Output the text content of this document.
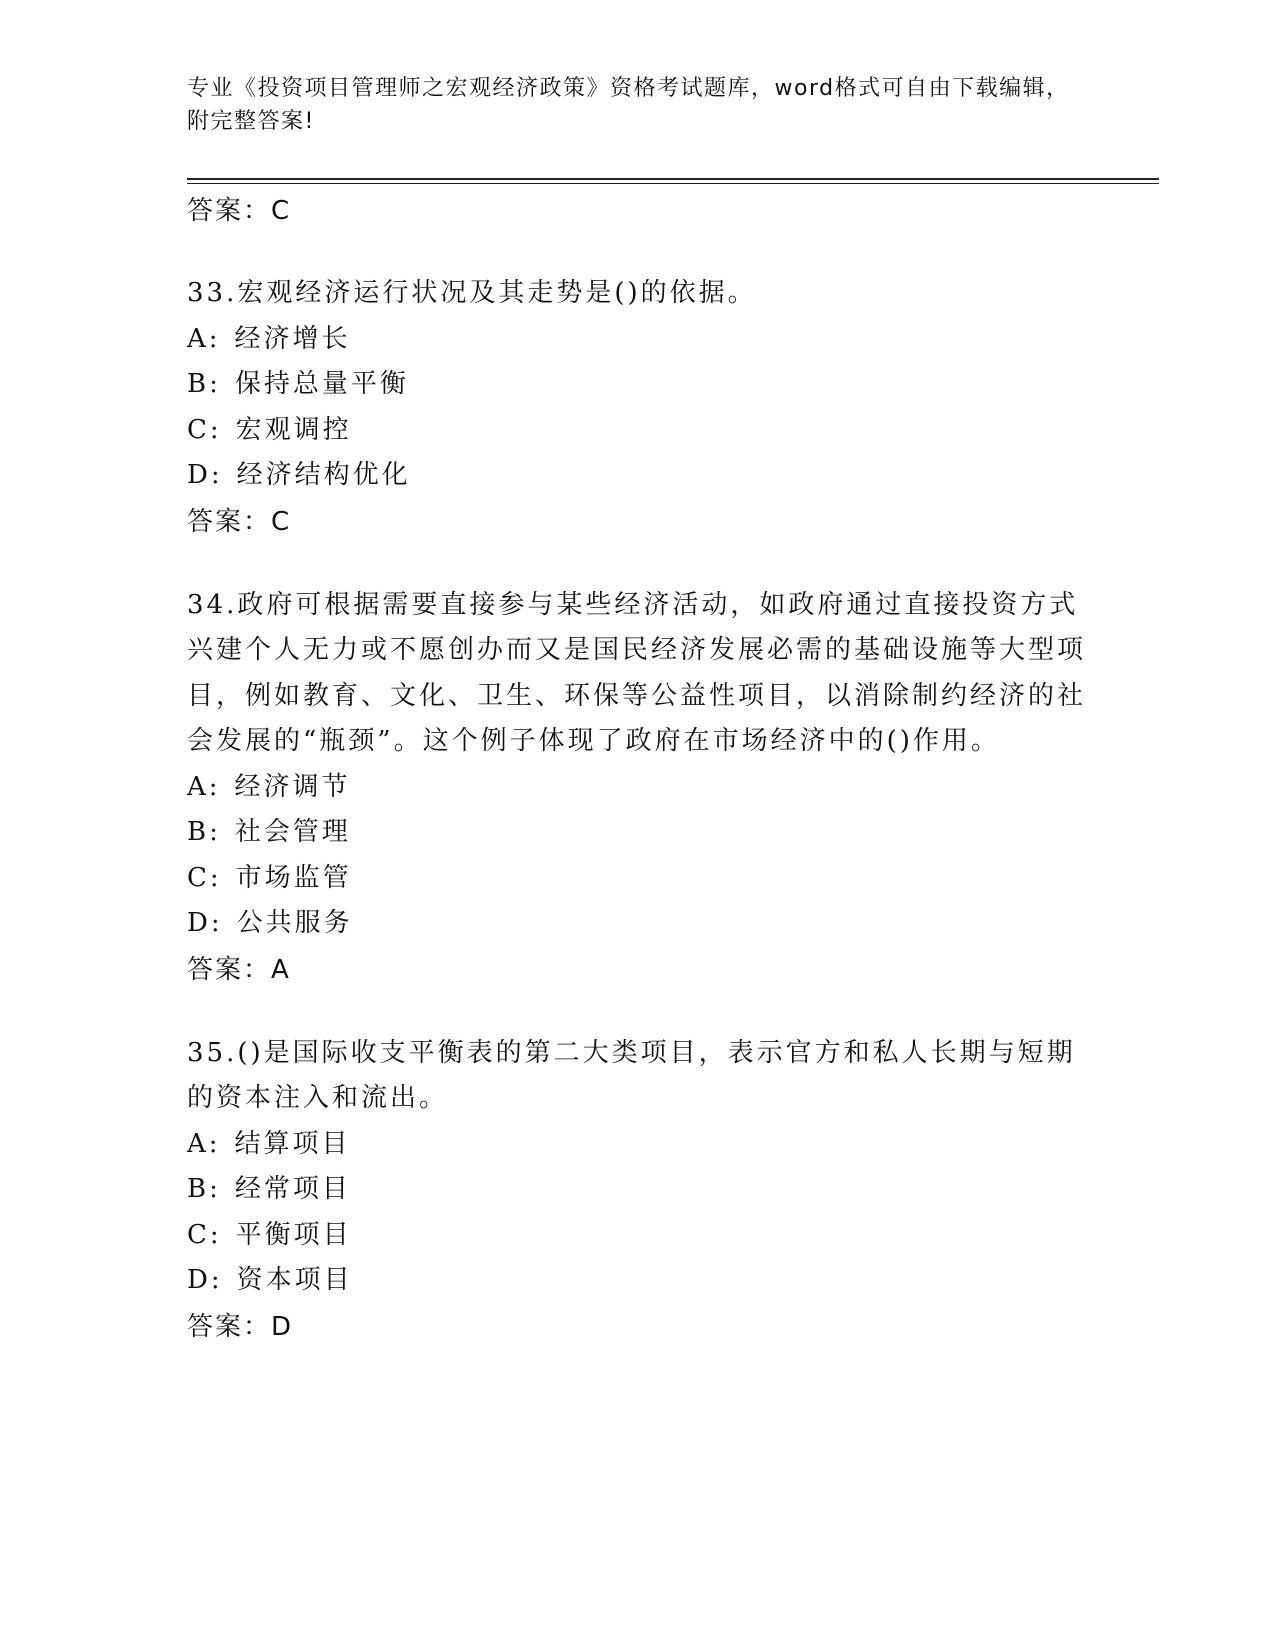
专业《投资项目管理师之宏观经济政策》资格考试题库，word格式可自由下载编辑，附完整答案!
答案：C
33.宏观经济运行状况及其走势是()的依据。
A: 经济增长
B: 保持总量平衡
C: 宏观调控
D: 经济结构优化
答案：C
34.政府可根据需要直接参与某些经济活动，如政府通过直接投资方式兴建个人无力或不愿创办而又是国民经济发展必需的基础设施等大型项目，例如教育、文化、卫生、环保等公益性项目，以消除制约经济的社会发展的“瓶颈”。这个例子体现了政府在市场经济中的()作用。
A: 经济调节
B: 社会管理
C: 市场监管
D: 公共服务
答案：A
35.()是国际收支平衡表的第二大类项目，表示官方和私人长期与短期的资本注入和流出。
A: 结算项目
B: 经常项目
C: 平衡项目
D: 资本项目
答案：D
